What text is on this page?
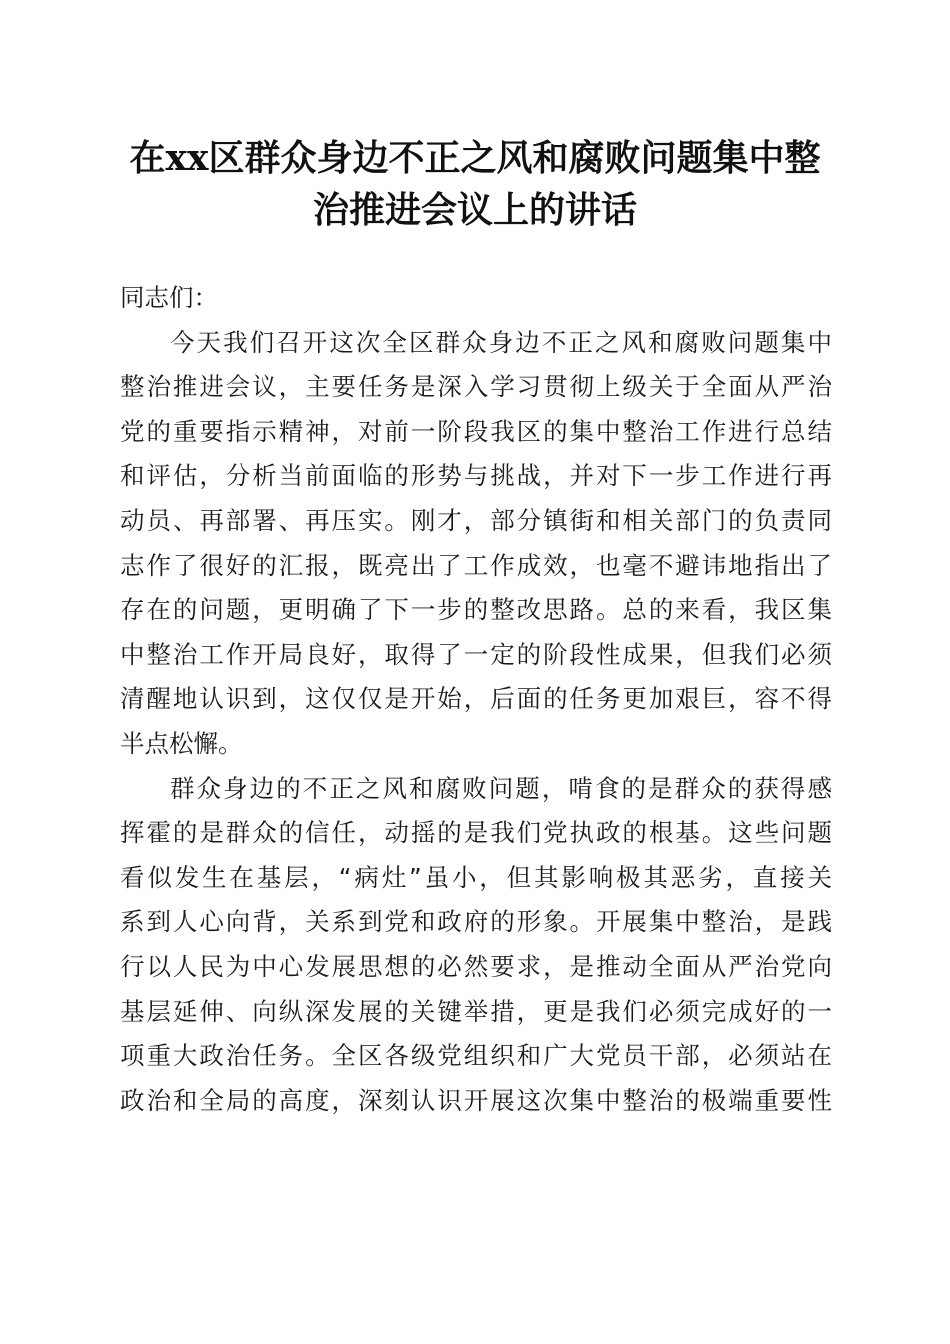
在xx区群众身边不正之风和腐败问题集中整
治推进会议上的讲话
同志们：
今天我们召开这次全区群众身边不正之风和腐败问题集中
整治推进会议，主要任务是深入学习贯彻上级关于全面从严治
党的重要指示精神，对前一阶段我区的集中整治工作进行总结
和评估，分析当前面临的形势与挑战，并对下一步工作进行再
动员、再部署、再压实。刚才，部分镇街和相关部门的负责同
志作了很好的汇报，既亮出了工作成效，也毫不避讳地指出了
存在的问题，更明确了下一步的整改思路。总的来看，我区集
中整治工作开局良好，取得了一定的阶段性成果，但我们必须
清醒地认识到，这仅仅是开始，后面的任务更加艰巨，容不得
半点松懈。
群众身边的不正之风和腐败问题，啃食的是群众的获得感
挥霍的是群众的信任，动摇的是我们党执政的根基。这些问题
看似发生在基层，“病灶”虽小，但其影响极其恶劣，直接关
系到人心向背，关系到党和政府的形象。开展集中整治，是践
行以人民为中心发展思想的必然要求，是推动全面从严治党向
基层延伸、向纵深发展的关键举措，更是我们必须完成好的一
项重大政治任务。全区各级党组织和广大党员干部，必须站在
政治和全局的高度，深刻认识开展这次集中整治的极端重要性
